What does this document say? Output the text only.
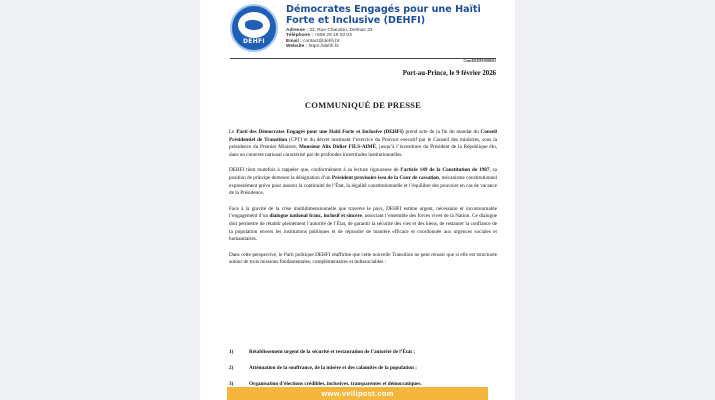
DEHFI
Démocrates Engagés pour une Haïti Forte et Inclusive (DEHFI)
Adresse : 33, Rue Chandou, Delmas 33
Téléphone : +509 29 19 03 03
Email : contact@dehfi.ht
Website : https://dehfi.ht
Com/DEHFI/0009/02
Port-au-Prince, le 9 février 2026
COMMUNIQUÉ DE PRESSE

Le Parti des Démocrates Engagés pour une Haïti Forte et Inclusive (DEHFI) prend acte de la fin du mandat du Conseil Présidentiel de Transition (CPT) et du décret instituant l’exercice du Pouvoir exécutif par le Conseil des ministres, sous la présidence du Premier Ministre, Monsieur Alix Didier FILS-AIMÉ, jusqu’à l’investiture du Président de la République élu, dans un contexte national caractérisé par de profondes incertitudes institutionnelles.

DEHFI tient toutefois à rappeler que, conformément à sa lecture rigoureuse de l’article 149 de la Constitution de 1987, sa position de principe demeure la désignation d’un Président provisoire issu de la Cour de cassation, mécanisme constitutionnel expressément prévu pour assurer la continuité de l’État, la légalité constitutionnelle et l’équilibre des pouvoirs en cas de vacance de la Présidence.

Face à la gravité de la crise multidimensionnelle que traverse le pays, DEHFI estime urgent, nécessaire et incontournable l’engagement d’un dialogue national franc, inclusif et sincère, associant l’ensemble des forces vives de la Nation. Ce dialogue doit permettre de rétablir pleinement l’autorité de l’État, de garantir la sécurité des vies et des biens, de restaurer la confiance de la population envers les institutions publiques et de répondre de manière efficace et coordonnée aux urgences sociales et humanitaires.

Dans cette perspective, le Parti politique DEHFI réaffirme que cette nouvelle Transition ne peut réussir que si elle est structurée autour de trois missions fondamentales, complémentaires et indissociables :

1)	Rétablissement urgent de la sécurité et restauration de l’autorité de l’État ;
2)	Atténuation de la souffrance, de la misère et des calamités de la population ;
3)	Organisation d’élections crédibles, inclusives, transparentes et démocratiques.
www.vellipost.com
